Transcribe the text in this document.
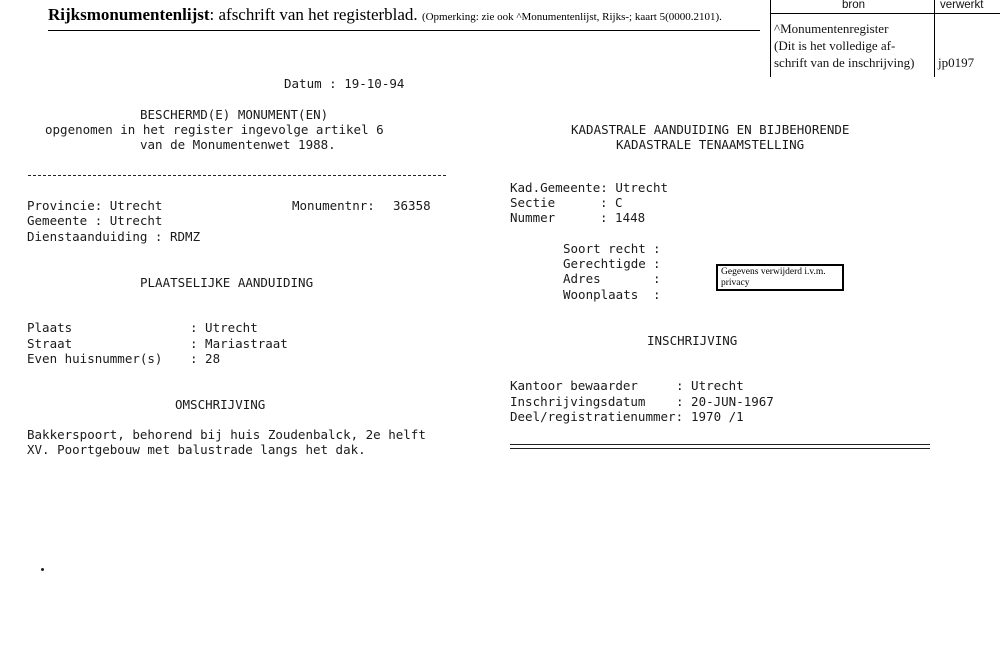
Rijksmonumentenlijst: afschrift van het registerblad. (Opmerking: zie ook ^Monumentenlijst, Rijks-; kaart 5(0000.2101).
bron	verwerkt
^Monumentenregister
(Dit is het volledige af-
schrift van de inschrijving) jp0197
Datum : 19-10-94
BESCHERMD(E) MONUMENT(EN)
opgenomen in het register ingevolge artikel 6
van de Monumentenwet 1988.
KADASTRALE AANDUIDING EN BIJBEHORENDE
KADASTRALE TENAAMSTELLING
Provincie: Utrecht	Monumentnr: 36358
Gemeente : Utrecht
Dienstaanduiding : RDMZ
Kad.Gemeente: Utrecht
Sectie	: C
Nummer	: 1448
Soort recht :
Gerechtigde :
Adres	:
Woonplaats :
Gegevens verwijderd i.v.m. privacy
PLAATSELIJKE AANDUIDING
Plaats	: Utrecht
Straat	: Mariastraat
Even huisnummer(s) : 28
INSCHRIJVING
Kantoor bewaarder	: Utrecht
Inschrijvingsdatum : 20-JUN-1967
Deel/registratienummer: 1970 /1
OMSCHRIJVING
Bakkerspoort, behorend bij huis Zoudenbalck, 2e helft
XV. Poortgebouw met balustrade langs het dak.
